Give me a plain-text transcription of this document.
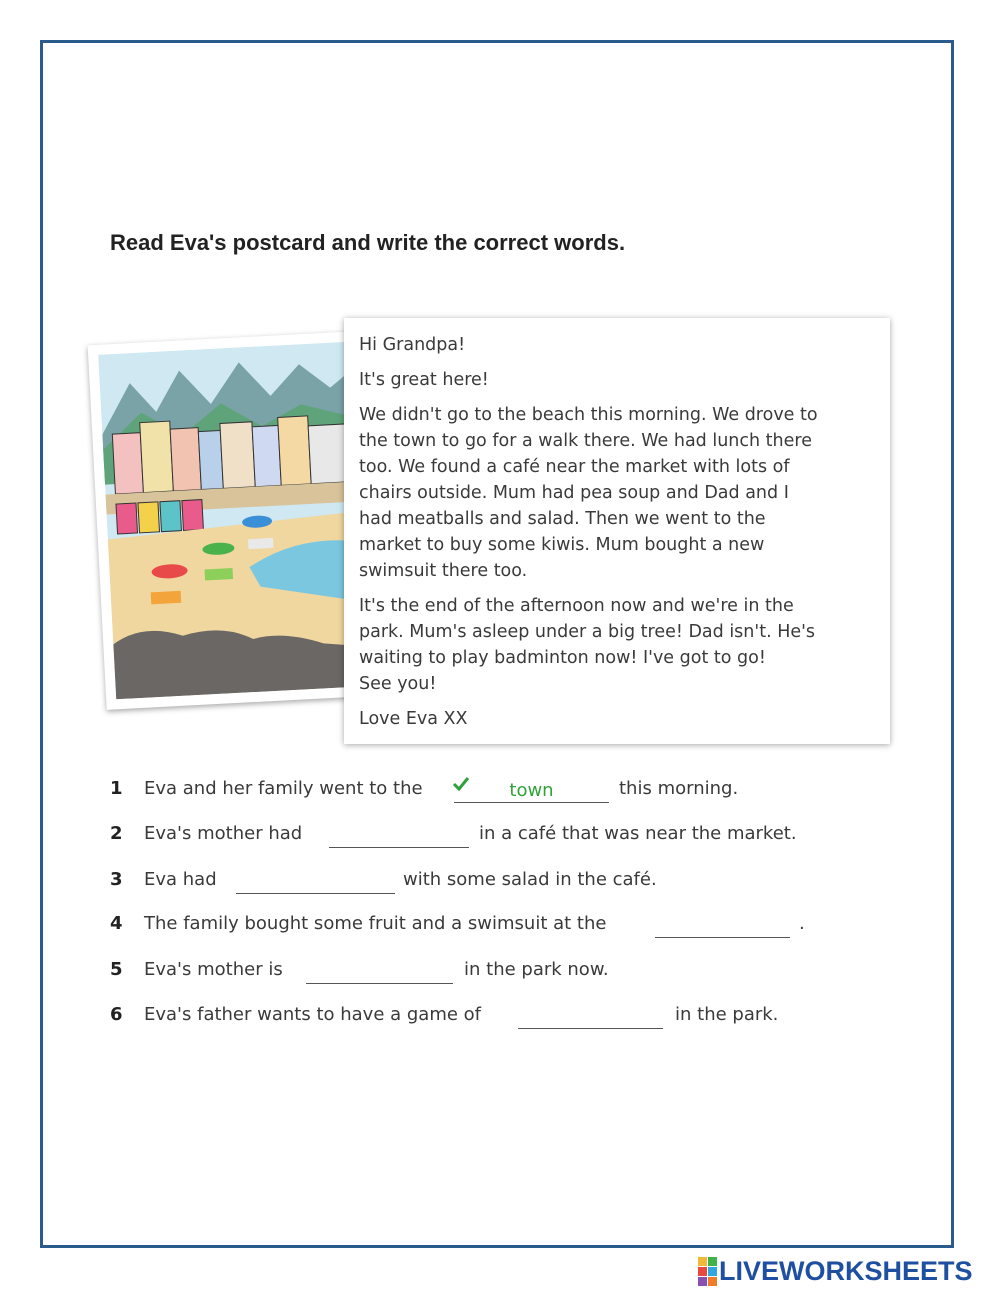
Read Eva's postcard and write the correct words.

Hi Grandpa!

It's great here!

We didn't go to the beach this morning. We drove to
the town to go for a walk there. We had lunch there
too. We found a café near the market with lots of
chairs outside. Mum had pea soup and Dad and I
had meatballs and salad. Then we went to the
market to buy some kiwis. Mum bought a new
swimsuit there too.

It's the end of the afternoon now and we're in the
park. Mum's asleep under a big tree! Dad isn't. He's
waiting to play badminton now! I've got to go!
See you!

Love Eva XX

1 Eva and her family went to the	town	this morning.
2 Eva's mother had	in a café that was near the market.
3 Eva had	with some salad in the café.
4 The family bought some fruit and a swimsuit at the	.
5 Eva's mother is	in the park now.
6 Eva's father wants to have a game of	in the park.
LIVEWORKSHEETS
